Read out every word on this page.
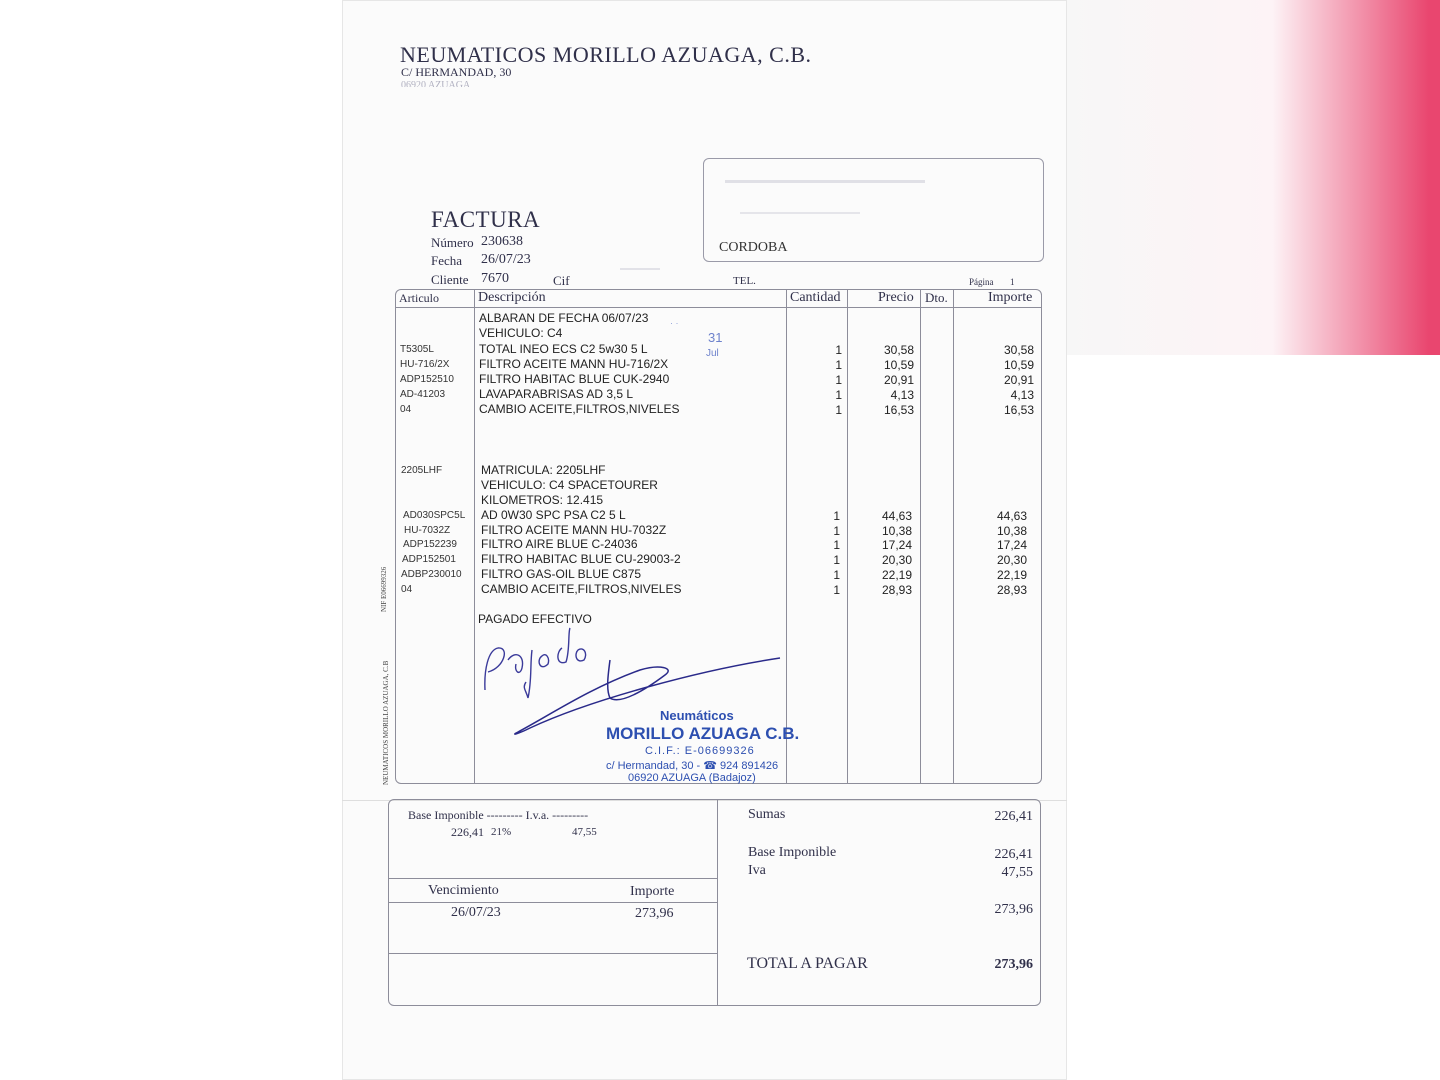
NEUMATICOS MORILLO AZUAGA, C.B.
C/ HERMANDAD, 30
06920 AZUAGA
CORDOBA
FACTURA
Número 230638
Fecha 26/07/23
Cliente 7670	Cif	TEL.	Página 1
Articulo	Descripción	Cantidad	Precio Dto.	Importe
ALBARAN DE FECHA 06/07/23
VEHICULO: C4
T5305L	TOTAL INEO ECS C2 5w30 5 L	1	30,58	30,58
HU-716/2X FILTRO ACEITE MANN HU-716/2X	1	10,59	10,59
ADP152510 FILTRO HABITAC BLUE CUK-2940	1	20,91	20,91
AD-41203	LAVAPARABRISAS AD 3,5 L	1	4,13	4,13
04	CAMBIO ACEITE,FILTROS,NIVELES	1	16,53	16,53
2205LHF	MATRICULA: 2205LHF
VEHICULO: C4 SPACETOURER
KILOMETROS: 12.415
AD030SPC5L AD 0W30 SPC PSA C2 5 L	1	44,63	44,63
HU-7032Z	FILTRO ACEITE MANN HU-7032Z	1	10,38	10,38
ADP152239 FILTRO AIRE BLUE C-24036	1	17,24	17,24
ADP152501 FILTRO HABITAC BLUE CU-29003-2	1	20,30	20,30
ADBP230010 FILTRO GAS-OIL BLUE C875	1	22,19	22,19
04	CAMBIO ACEITE,FILTROS,NIVELES	1	28,93	28,93
PAGADO EFECTIVO
· ·
31
Jul
Neumáticos
MORILLO AZUAGA C.B.
C.I.F.: E-06699326
c/ Hermandad, 30 - ☎ 924 891426
06920 AZUAGA (Badajoz)
NIF E06699326
NEUMATICOS MORILLO AZUAGA, C.B
Base Imponible --------- I.v.a. ---------
226,41 21%	47,55
Vencimiento	Importe
26/07/23	273,96
Sumas	226,41
Base Imponible	226,41
Iva	47,55
273,96
TOTAL A PAGAR	273,96
